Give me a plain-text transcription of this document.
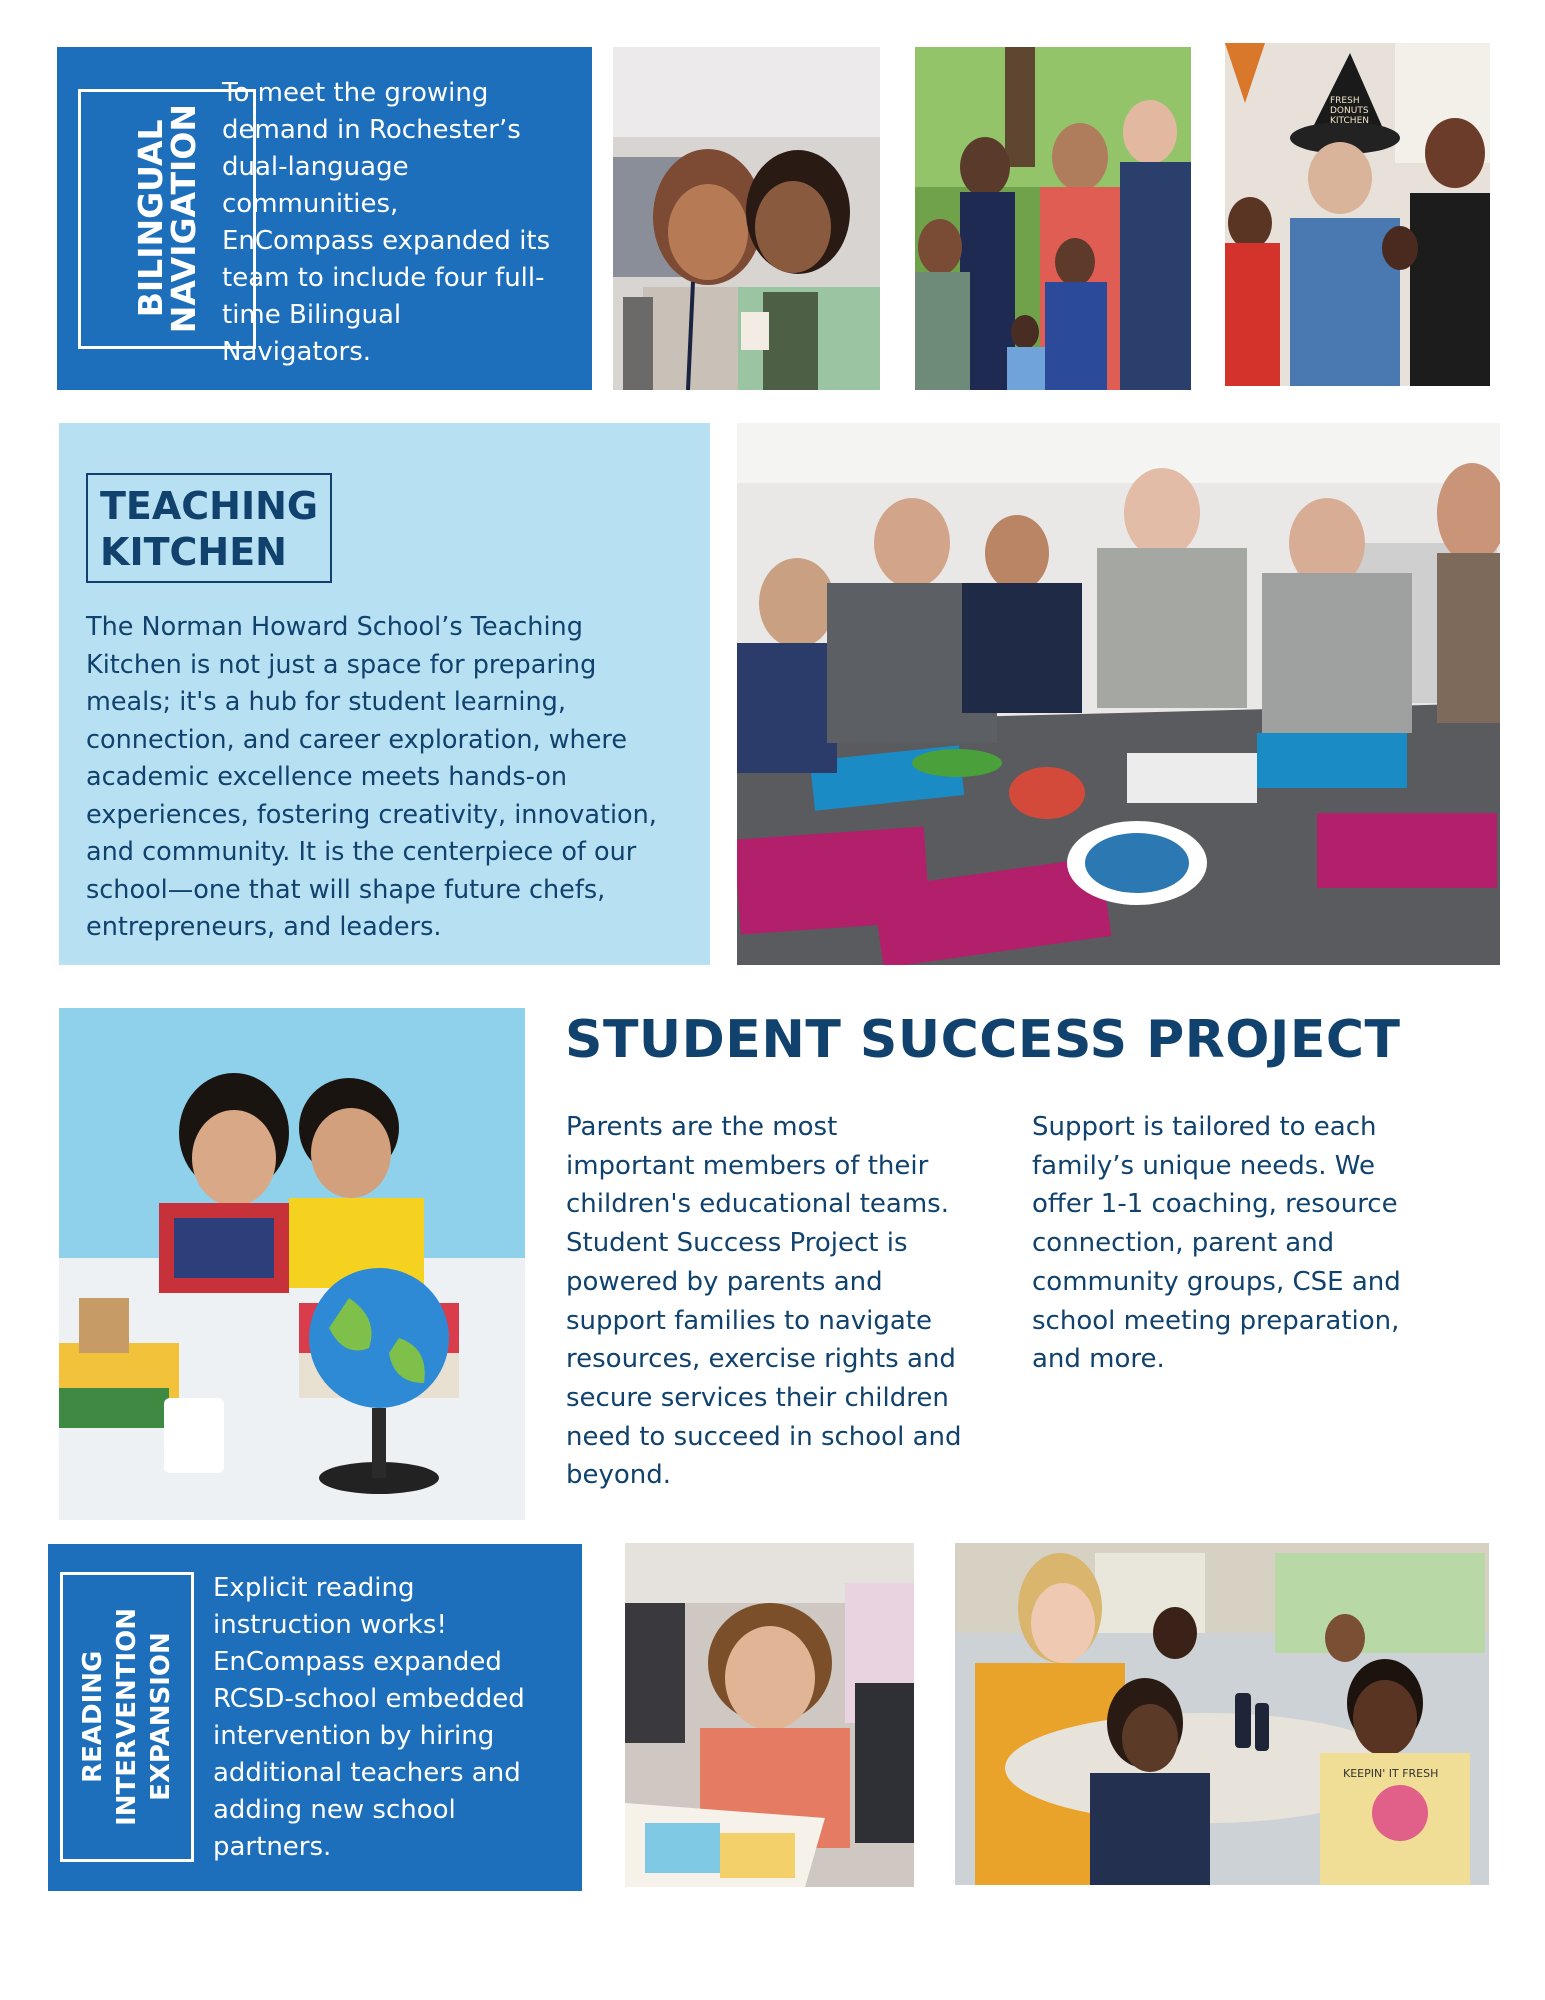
BILINGUAL
NAVIGATION
To meet the growing
demand in Rochester’s
dual-language
communities,
EnCompass expanded its
team to include four full-
time Bilingual
Navigators.
FRESH DONUTS KITCHEN
TEACHING
KITCHEN
The Norman Howard School’s Teaching
Kitchen is not just a space for preparing
meals; it's a hub for student learning,
connection, and career exploration, where
academic excellence meets hands-on
experiences, fostering creativity, innovation,
and community. It is the centerpiece of our
school—one that will shape future chefs,
entrepreneurs, and leaders.
STUDENT SUCCESS PROJECT
Parents are the most
important members of their
children's educational teams.
Student Success Project is
powered by parents and
support families to navigate
resources, exercise rights and
secure services their children
need to succeed in school and
beyond.
Support is tailored to each
family’s unique needs. We
offer 1-1 coaching, resource
connection, parent and
community groups, CSE and
school meeting preparation,
and more.
READING
INTERVENTION
EXPANSION
Explicit reading
instruction works!
EnCompass expanded
RCSD-school embedded
intervention by hiring
additional teachers and
adding new school
partners.
KEEPIN' IT FRESH
